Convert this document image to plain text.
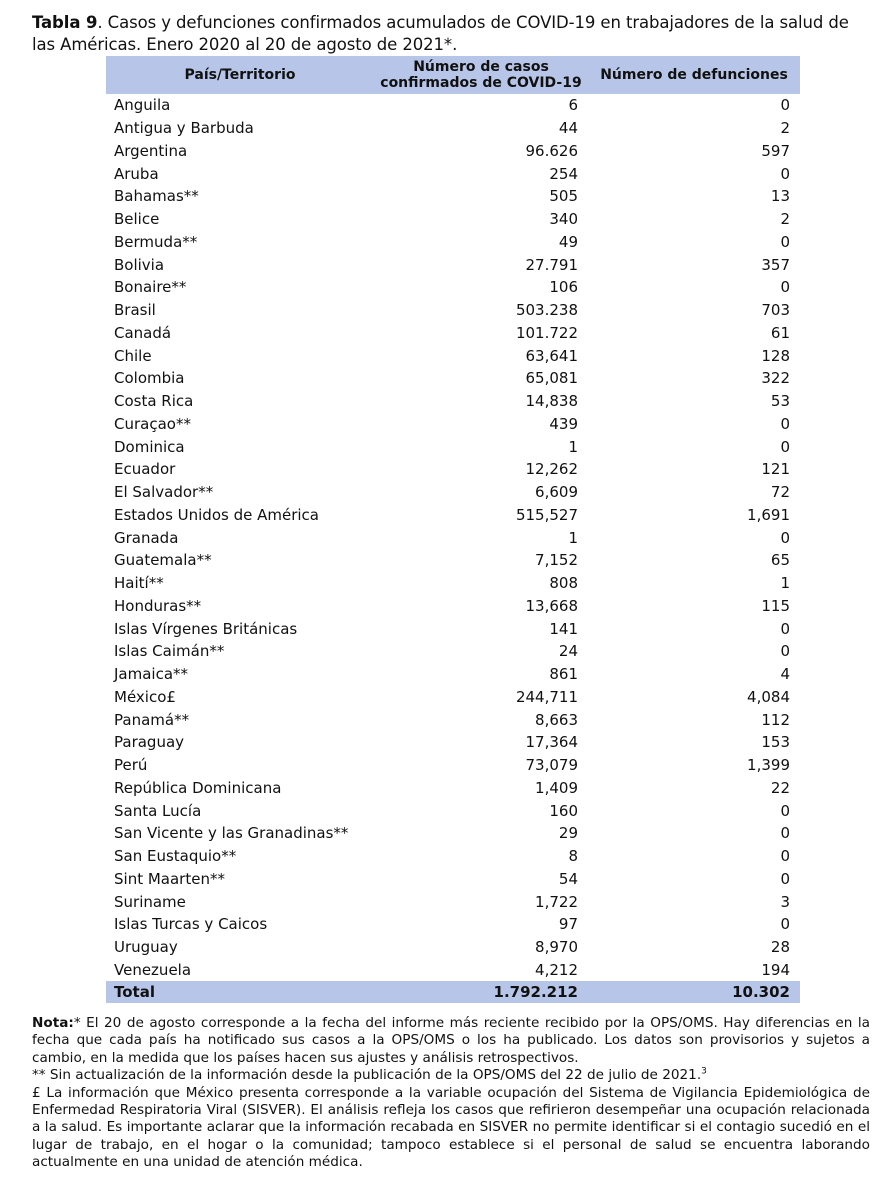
Tabla 9. Casos y defunciones confirmados acumulados de COVID-19 en trabajadores de la salud de las Américas. Enero 2020 al 20 de agosto de 2021*.
País/Territorio	Número de casos confirmados de COVID-19	Número de defunciones
Anguila	6	0
Antigua y Barbuda	44	2
Argentina	96.626	597
Aruba	254	0
Bahamas**	505	13
Belice	340	2
Bermuda**	49	0
Bolivia	27.791	357
Bonaire**	106	0
Brasil	503.238	703
Canadá	101.722	61
Chile	63,641	128
Colombia	65,081	322
Costa Rica	14,838	53
Curaçao**	439	0
Dominica	1	0
Ecuador	12,262	121
El Salvador**	6,609	72
Estados Unidos de América	515,527	1,691
Granada	1	0
Guatemala**	7,152	65
Haití**	808	1
Honduras**	13,668	115
Islas Vírgenes Británicas	141	0
Islas Caimán**	24	0
Jamaica**	861	4
México£	244,711	4,084
Panamá**	8,663	112
Paraguay	17,364	153
Perú	73,079	1,399
República Dominicana	1,409	22
Santa Lucía	160	0
San Vicente y las Granadinas**	29	0
San Eustaquio**	8	0
Sint Maarten**	54	0
Suriname	1,722	3
Islas Turcas y Caicos	97	0
Uruguay	8,970	28
Venezuela	4,212	194
Total	1.792.212	10.302

Nota:* El 20 de agosto corresponde a la fecha del informe más reciente recibido por la OPS/OMS. Hay diferencias en la fecha que cada país ha notificado sus casos a la OPS/OMS o los ha publicado. Los datos son provisorios y sujetos a cambio, en la medida que los países hacen sus ajustes y análisis retrospectivos.

** Sin actualización de la información desde la publicación de la OPS/OMS del 22 de julio de 2021.$^3$

£ La información que México presenta corresponde a la variable ocupación del Sistema de Vigilancia Epidemiológica de Enfermedad Respiratoria Viral (SISVER). El análisis refleja los casos que refirieron desempeñar una ocupación relacionada a la salud. Es importante aclarar que la información recabada en SISVER no permite identificar si el contagio sucedió en el lugar de trabajo, en el hogar o la comunidad; tampoco establece si el personal de salud se encuentra laborando actualmente en una unidad de atención médica.
